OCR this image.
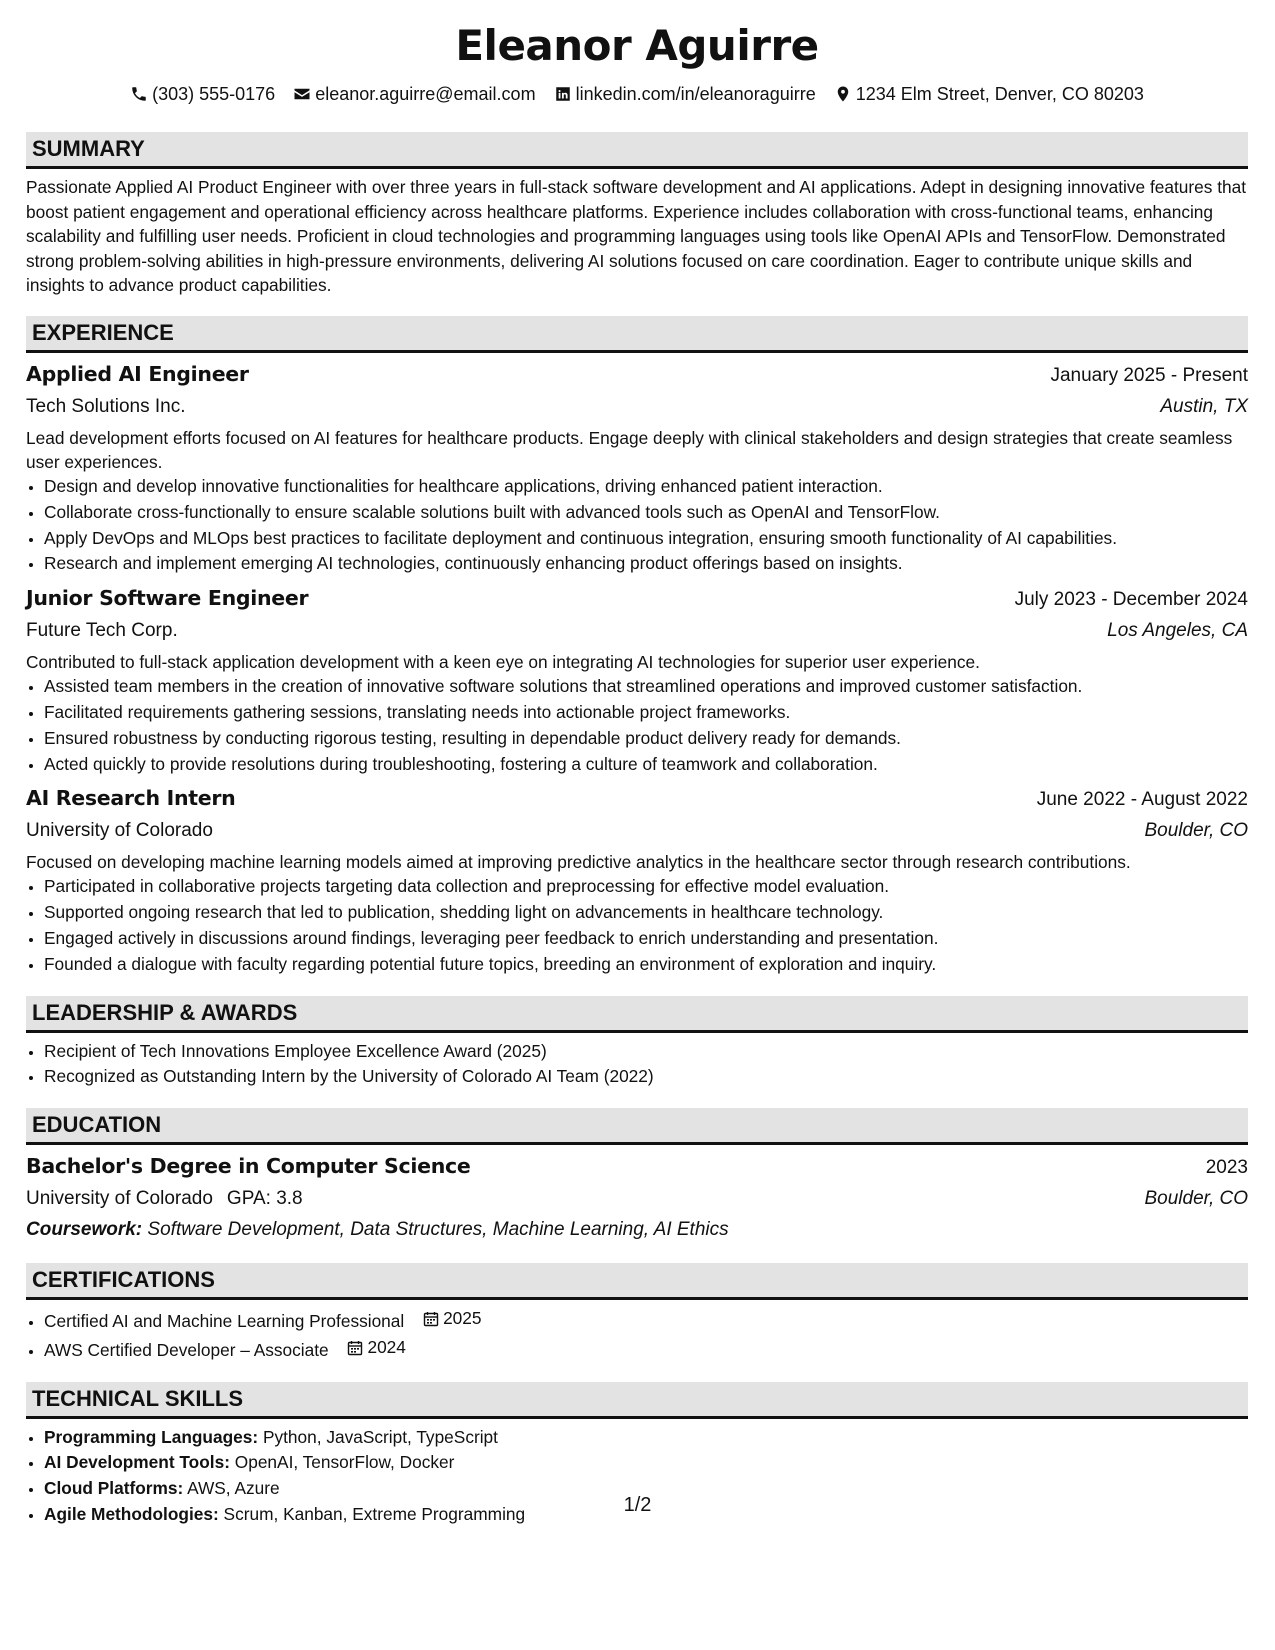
Eleanor Aguirre
(303) 555-0176 eleanor.aguirre@email.com linkedin.com/in/eleanoraguirre 1234 Elm Street, Denver, CO 80203
SUMMARY

Passionate Applied AI Product Engineer with over three years in full-stack software development and AI applications. Adept in designing innovative features that boost patient engagement and operational efficiency across healthcare platforms. Experience includes collaboration with cross-functional teams, enhancing scalability and fulfilling user needs. Proficient in cloud technologies and programming languages using tools like OpenAI APIs and TensorFlow. Demonstrated strong problem-solving abilities in high-pressure environments, delivering AI solutions focused on care coordination. Eager to contribute unique skills and insights to advance product capabilities.

EXPERIENCE
Applied AI Engineer	January 2025 - Present
Tech Solutions Inc.	Austin, TX

Lead development efforts focused on AI features for healthcare products. Engage deeply with clinical stakeholders and design strategies that create seamless user experiences.

• Design and develop innovative functionalities for healthcare applications, driving enhanced patient interaction.
• Collaborate cross-functionally to ensure scalable solutions built with advanced tools such as OpenAI and TensorFlow.
• Apply DevOps and MLOps best practices to facilitate deployment and continuous integration, ensuring smooth functionality of AI capabilities.
• Research and implement emerging AI technologies, continuously enhancing product offerings based on insights.
Junior Software Engineer	July 2023 - December 2024
Future Tech Corp.	Los Angeles, CA

Contributed to full-stack application development with a keen eye on integrating AI technologies for superior user experience.

• Assisted team members in the creation of innovative software solutions that streamlined operations and improved customer satisfaction.
• Facilitated requirements gathering sessions, translating needs into actionable project frameworks.
• Ensured robustness by conducting rigorous testing, resulting in dependable product delivery ready for demands.
• Acted quickly to provide resolutions during troubleshooting, fostering a culture of teamwork and collaboration.
AI Research Intern	June 2022 - August 2022
University of Colorado	Boulder, CO

Focused on developing machine learning models aimed at improving predictive analytics in the healthcare sector through research contributions.

• Participated in collaborative projects targeting data collection and preprocessing for effective model evaluation.
• Supported ongoing research that led to publication, shedding light on advancements in healthcare technology.
• Engaged actively in discussions around findings, leveraging peer feedback to enrich understanding and presentation.
• Founded a dialogue with faculty regarding potential future topics, breeding an environment of exploration and inquiry.
LEADERSHIP & AWARDS
• Recipient of Tech Innovations Employee Excellence Award (2025)
• Recognized as Outstanding Intern by the University of Colorado AI Team (2022)
EDUCATION
Bachelor's Degree in Computer Science	2023
University of Colorado GPA: 3.8	Boulder, CO
Coursework: Software Development, Data Structures, Machine Learning, AI Ethics
CERTIFICATIONS
• Certified AI and Machine Learning Professional 2025
• AWS Certified Developer – Associate 2024
TECHNICAL SKILLS
• Programming Languages: Python, JavaScript, TypeScript
• AI Development Tools: OpenAI, TensorFlow, Docker
• Cloud Platforms: AWS, Azure
• Agile Methodologies: Scrum, Kanban, Extreme Programming	1/2
